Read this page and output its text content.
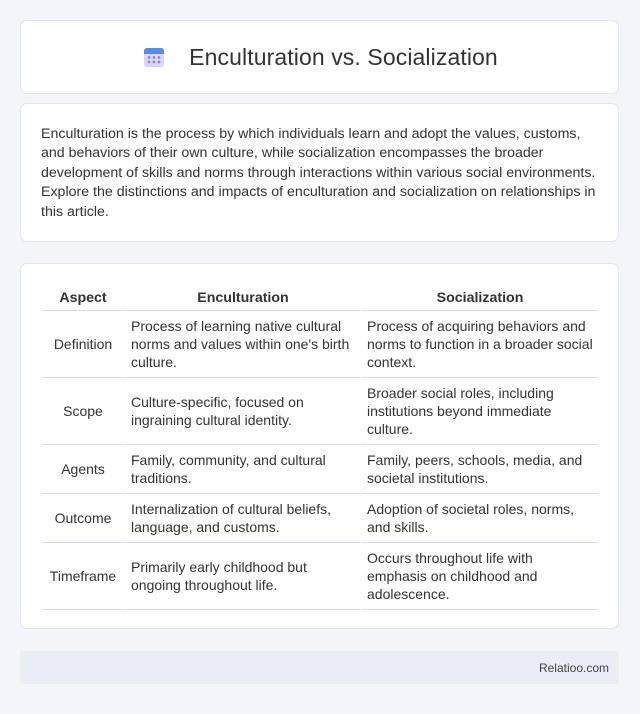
Enculturation vs. Socialization

Enculturation is the process by which individuals learn and adopt the values, customs, and behaviors of their own culture, while socialization encompasses the broader development of skills and norms through interactions within various social environments. Explore the distinctions and impacts of enculturation and socialization on relationships in this article.

Aspect	Enculturation	Socialization
Definition	Process of learning native cultural norms and values within one's birth culture.	Process of acquiring behaviors and norms to function in a broader social context.
Scope	Culture-specific, focused on ingraining cultural identity.	Broader social roles, including institutions beyond immediate culture.
Agents	Family, community, and cultural traditions.	Family, peers, schools, media, and societal institutions.
Outcome	Internalization of cultural beliefs, language, and customs.	Adoption of societal roles, norms, and skills.
Timeframe	Primarily early childhood but ongoing throughout life.	Occurs throughout life with emphasis on childhood and adolescence.
Relatioo.com
